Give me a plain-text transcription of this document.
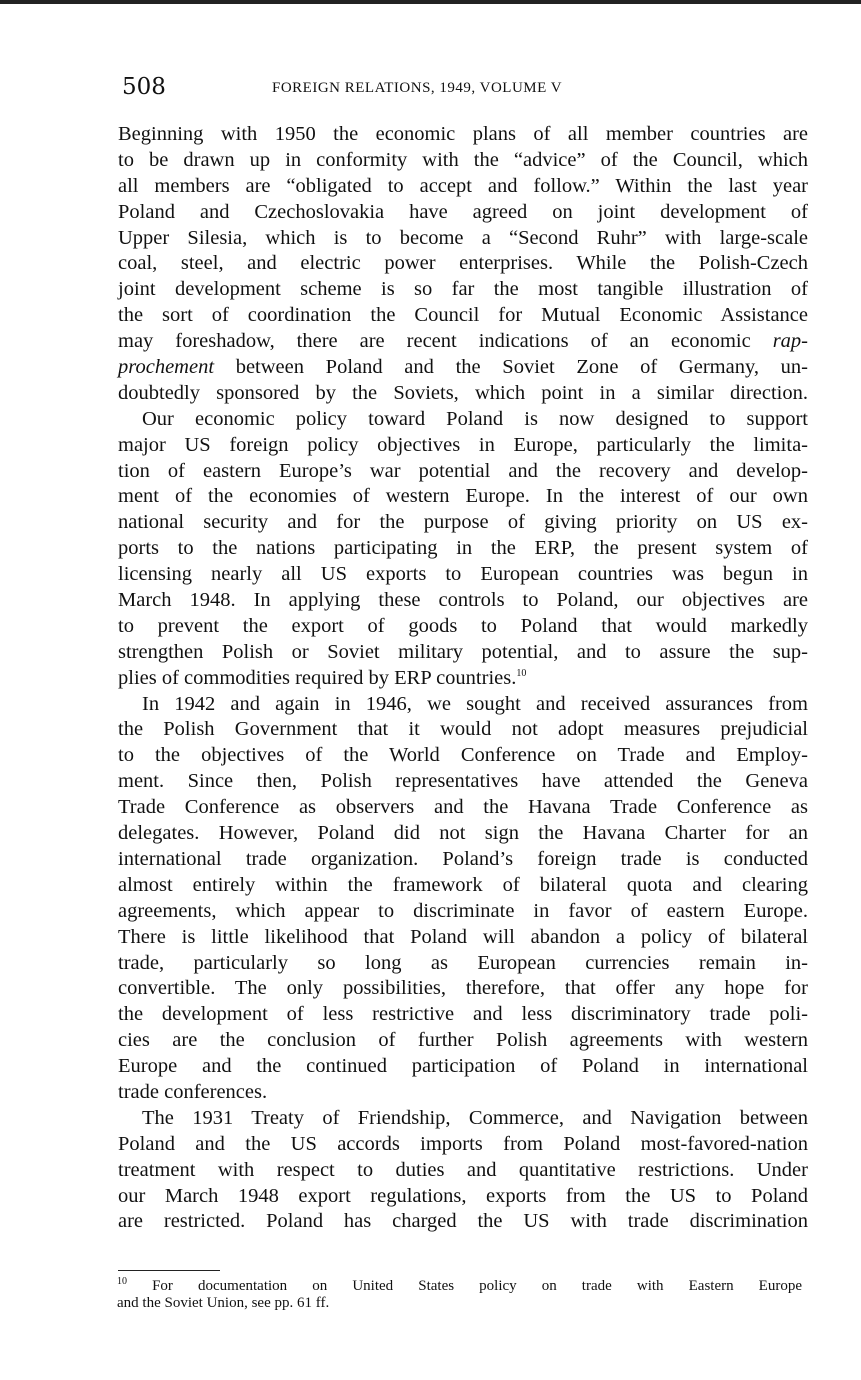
508	FOREIGN RELATIONS, 1949, VOLUME V
Beginning with 1950 the economic plans of all member countries are
to be drawn up in conformity with the “advice” of the Council, which
all members are “obligated to accept and follow.” Within the last year
Poland and Czechoslovakia have agreed on joint development of
Upper Silesia, which is to become a “Second Ruhr” with large-scale
coal, steel, and electric power enterprises. While the Polish-Czech
joint development scheme is so far the most tangible illustration of
the sort of coordination the Council for Mutual Economic Assistance
may foreshadow, there are recent indications of an economic rap-
prochement between Poland and the Soviet Zone of Germany, un-
doubtedly sponsored by the Soviets, which point in a similar direction.
Our economic policy toward Poland is now designed to support
major US foreign policy objectives in Europe, particularly the limita-
tion of eastern Europe’s war potential and the recovery and develop-
ment of the economies of western Europe. In the interest of our own
national security and for the purpose of giving priority on US ex-
ports to the nations participating in the ERP, the present system of
licensing nearly all US exports to European countries was begun in
March 1948. In applying these controls to Poland, our objectives are
to prevent the export of goods to Poland that would markedly
strengthen Polish or Soviet military potential, and to assure the sup-
plies of commodities required by ERP countries.$^{10}$
In 1942 and again in 1946, we sought and received assurances from
the Polish Government that it would not adopt measures prejudicial
to the objectives of the World Conference on Trade and Employ-
ment. Since then, Polish representatives have attended the Geneva
Trade Conference as observers and the Havana Trade Conference as
delegates. However, Poland did not sign the Havana Charter for an
international trade organization. Poland’s foreign trade is conducted
almost entirely within the framework of bilateral quota and clearing
agreements, which appear to discriminate in favor of eastern Europe.
There is little likelihood that Poland will abandon a policy of bilateral
trade, particularly so long as European currencies remain in-
convertible. The only possibilities, therefore, that offer any hope for
the development of less restrictive and less discriminatory trade poli-
cies are the conclusion of further Polish agreements with western
Europe and the continued participation of Poland in international
trade conferences.
The 1931 Treaty of Friendship, Commerce, and Navigation between
Poland and the US accords imports from Poland most-favored-nation
treatment with respect to duties and quantitative restrictions. Under
our March 1948 export regulations, exports from the US to Poland
are restricted. Poland has charged the US with trade discrimination
$^{10}$ For documentation on United States policy on trade with Eastern Europe
and the Soviet Union, see pp. 61 ff.
